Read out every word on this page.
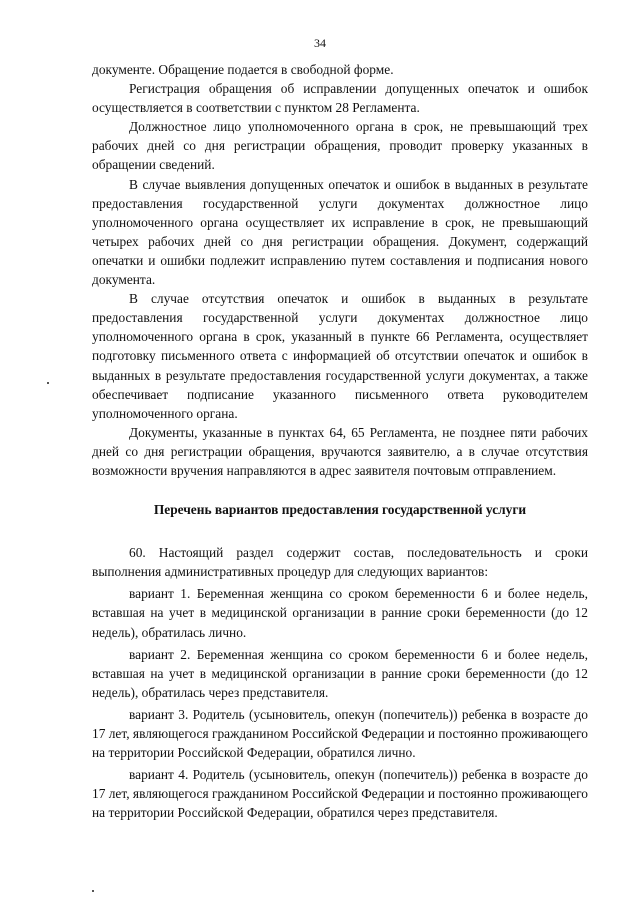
34

документе. Обращение подается в свободной форме.

Регистрация обращения об исправлении допущенных опечаток и ошибок осуществляется в соответствии с пунктом 28 Регламента.

Должностное лицо уполномоченного органа в срок, не превышающий трех рабочих дней со дня регистрации обращения, проводит проверку указанных в обращении сведений.

В случае выявления допущенных опечаток и ошибок в выданных в результате предоставления государственной услуги документах должностное лицо уполномоченного органа осуществляет их исправление в срок, не превышающий четырех рабочих дней со дня регистрации обращения. Документ, содержащий опечатки и ошибки подлежит исправлению путем составления и подписания нового документа.

В случае отсутствия опечаток и ошибок в выданных в результате предоставления государственной услуги документах должностное лицо уполномоченного органа в срок, указанный в пункте 66 Регламента, осуществляет подготовку письменного ответа с информацией об отсутствии опечаток и ошибок в выданных в результате предоставления государственной услуги документах, а также обеспечивает подписание указанного письменного ответа руководителем уполномоченного органа.

Документы, указанные в пунктах 64, 65 Регламента, не позднее пяти рабочих дней со дня регистрации обращения, вручаются заявителю, а в случае отсутствия возможности вручения направляются в адрес заявителя почтовым отправлением.

Перечень вариантов предоставления государственной услуги

60. Настоящий раздел содержит состав, последовательность и сроки выполнения административных процедур для следующих вариантов:

вариант 1. Беременная женщина со сроком беременности 6 и более недель, вставшая на учет в медицинской организации в ранние сроки беременности (до 12 недель), обратилась лично.

вариант 2. Беременная женщина со сроком беременности 6 и более недель, вставшая на учет в медицинской организации в ранние сроки беременности (до 12 недель), обратилась через представителя.

вариант 3. Родитель (усыновитель, опекун (попечитель)) ребенка в возрасте до 17 лет, являющегося гражданином Российской Федерации и постоянно проживающего на территории Российской Федерации, обратился лично.

вариант 4. Родитель (усыновитель, опекун (попечитель)) ребенка в возрасте до 17 лет, являющегося гражданином Российской Федерации и постоянно проживающего на территории Российской Федерации, обратился через представителя.
